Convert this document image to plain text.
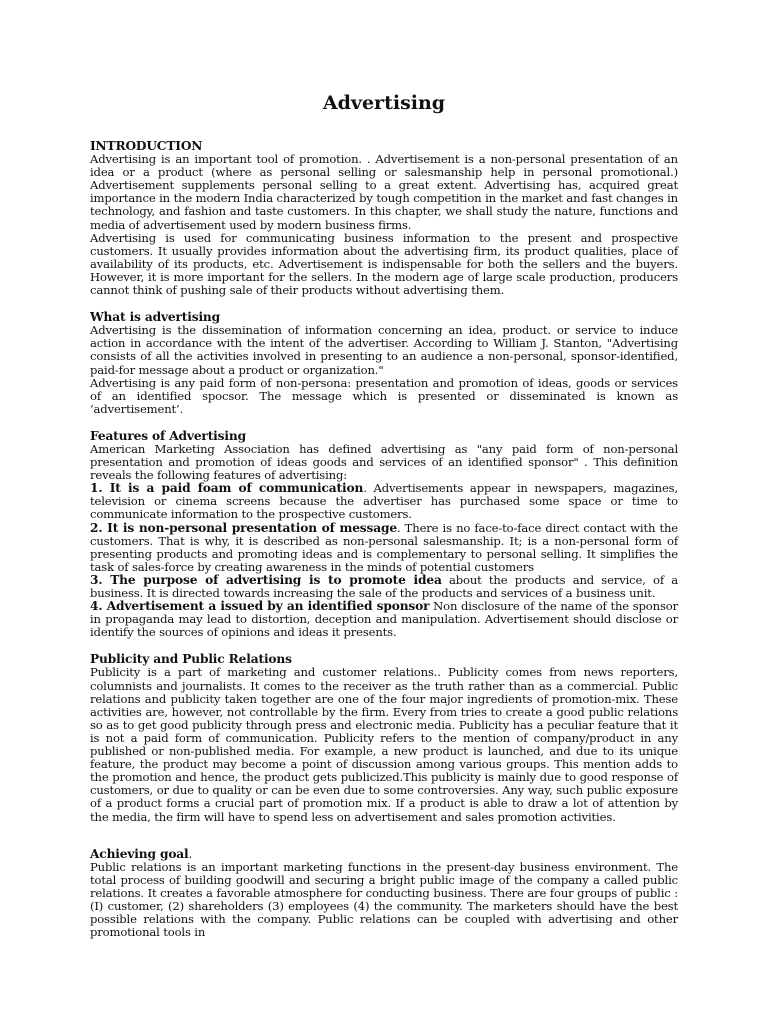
Advertising

INTRODUCTION

Advertising is an important tool of promotion. . Advertisement is a non-personal presentation of an idea or a product (where as personal selling or salesmanship help in personal promotional.) Advertisement supplements personal selling to a great extent. Advertising has, acquired great importance in the modern India characterized by tough competition in the market and fast changes in technology, and fashion and taste customers. In this chapter, we shall study the nature, functions and media of advertisement used by modern business firms.

Advertising is used for communicating business information to the present and prospective customers. It usually provides information about the advertising firm, its product qualities, place of availability of its products, etc. Advertisement is indispensable for both the sellers and the buyers. However, it is more important for the sellers. In the modern age of large scale production, producers cannot think of pushing sale of their products without advertising them.

What is advertising

Advertising is the dissemination of information concerning an idea, product. or service to induce action in accordance with the intent of the advertiser. According to William J. Stanton, "Advertising consists of all the activities involved in presenting to an audience a non-personal, sponsor-identified, paid-for message about a product or organization."

Advertising is any paid form of non-persona: presentation and promotion of ideas, goods or services of an identified spocsor. The message which is presented or disseminated is known as ‘advertisement’.

Features of Advertising

American Marketing Association has defined advertising as "any paid form of non-personal presentation and promotion of ideas goods and services of an identified sponsor" . This definition reveals the following features of advertising:

1. It is a paid foam of communication. Advertisements appear in newspapers, magazines, television or cinema screens because the advertiser has purchased some space or time to communicate information to the prospective customers.

2. It is non-personal presentation of message. There is no face-to-face direct contact with the customers. That is why, it is described as non-personal salesmanship. It; is a non-personal form of presenting products and promoting ideas and is complementary to personal selling. It simplifies the task of sales-force by creating awareness in the minds of potential customers

3. The purpose of advertising is to promote idea about the products and service, of a business. It is directed towards increasing the sale of the products and services of a business unit.

4. Advertisement a issued by an identified sponsor Non disclosure of the name of the sponsor in propaganda may lead to distortion, deception and manipulation. Advertisement should disclose or identify the sources of opinions and ideas it presents.

Publicity and Public Relations

Publicity is a part of marketing and customer relations.. Publicity comes from news reporters, columnists and journalists. It comes to the receiver as the truth rather than as a commercial. Public relations and publicity taken together are one of the four major ingredients of promotion-mix. These activities are, however, not controllable by the firm. Every from tries to create a good public relations so as to get good publicity through press and electronic media. Publicity has a peculiar feature that it is not a paid form of communication. Publicity refers to the mention of company/product in any published or non-published media. For example, a new product is launched, and due to its unique feature, the product may become a point of discussion among various groups. This mention adds to the promotion and hence, the product gets publicized.This publicity is mainly due to good response of customers, or due to quality or can be even due to some controversies. Any way, such public exposure of a product forms a crucial part of promotion mix. If a product is able to draw a lot of attention by the media, the firm will have to spend less on advertisement and sales promotion activities.

Achieving goal.

Public relations is an important marketing functions in the present-day business environment. The total process of building goodwill and securing a bright public image of the company a called public relations. It creates a favorable atmosphere for conducting business. There are four groups of public : (I) customer, (2) shareholders (3) employees (4) the community. The marketers should have the best possible relations with the company. Public relations can be coupled with advertising and other promotional tools in
